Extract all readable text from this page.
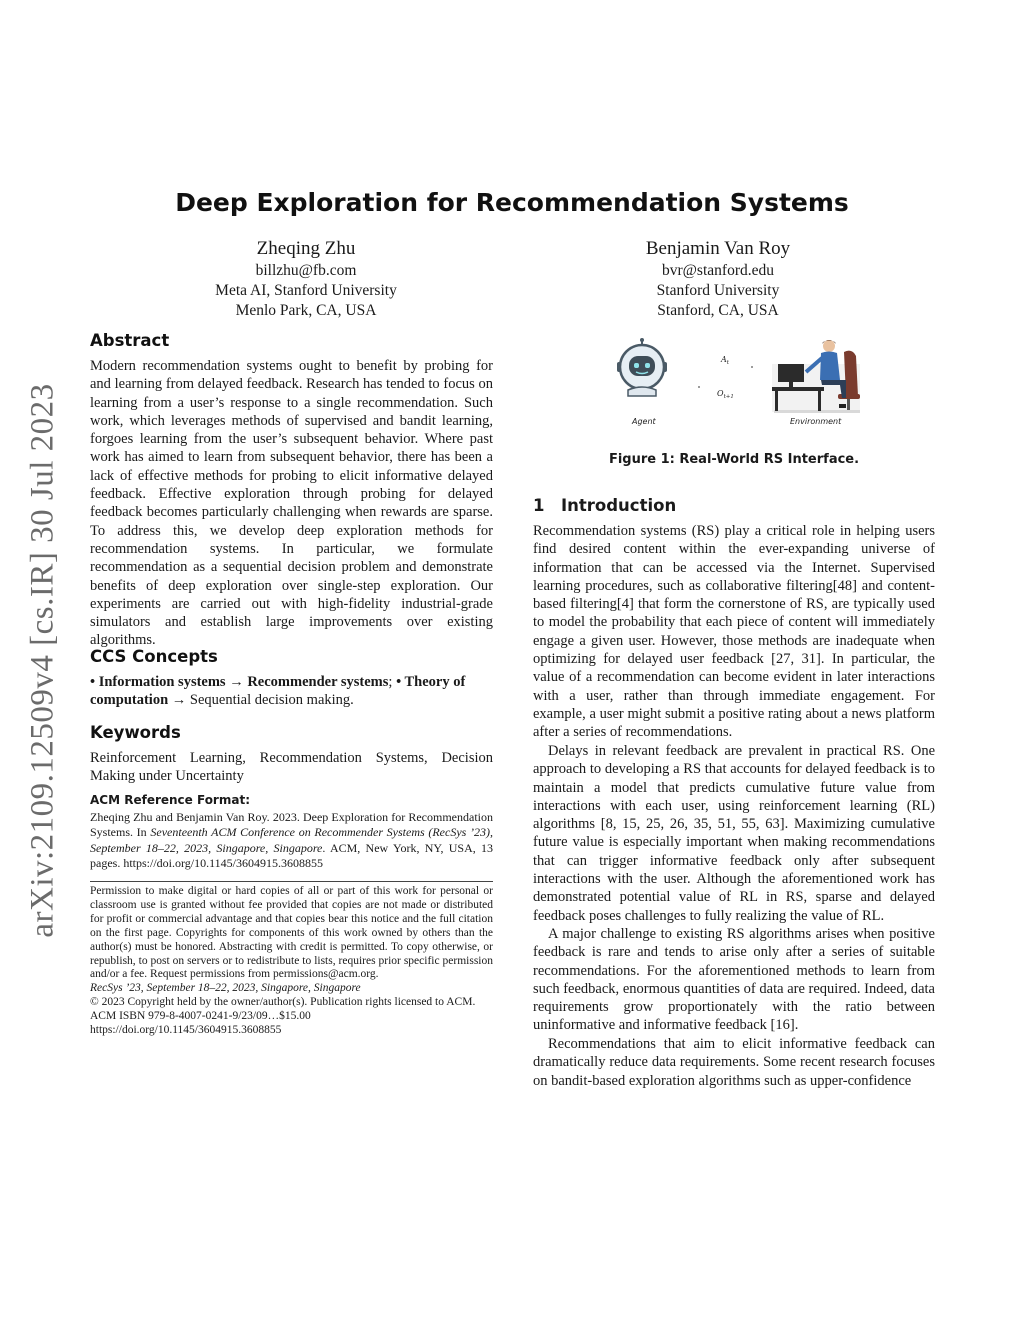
arXiv:2109.12509v4 [cs.IR] 30 Jul 2023
Deep Exploration for Recommendation Systems
Zheqing Zhu
billzhu@fb.com
Meta AI, Stanford University
Menlo Park, CA, USA
Benjamin Van Roy
bvr@stanford.edu
Stanford University
Stanford, CA, USA
Abstract

Modern recommendation systems ought to benefit by probing for and learning from delayed feedback. Research has tended to focus on learning from a user’s response to a single recommendation. Such work, which leverages methods of supervised and bandit learning, forgoes learning from the user’s subsequent behavior. Where past work has aimed to learn from subsequent behavior, there has been a lack of effective methods for probing to elicit informative delayed feedback. Effective exploration through probing for delayed feedback becomes particularly challenging when rewards are sparse. To address this, we develop deep exploration methods for recommendation systems. In particular, we formulate recommendation as a sequential decision problem and demonstrate benefits of deep exploration over single-step exploration. Our experiments are carried out with high-fidelity industrial-grade simulators and establish large improvements over existing algorithms.

CCS Concepts

• Information systems → Recommender systems; • Theory of computation → Sequential decision making.

Keywords

Reinforcement Learning, Recommendation Systems, Decision Making under Uncertainty

ACM Reference Format:

Zheqing Zhu and Benjamin Van Roy. 2023. Deep Exploration for Recommendation Systems. In Seventeenth ACM Conference on Recommender Systems (RecSys ’23), September 18–22, 2023, Singapore, Singapore. ACM, New York, NY, USA, 13 pages. https://doi.org/10.1145/3604915.3608855

Permission to make digital or hard copies of all or part of this work for personal or classroom use is granted without fee provided that copies are not made or distributed for profit or commercial advantage and that copies bear this notice and the full citation on the first page. Copyrights for components of this work owned by others than the author(s) must be honored. Abstracting with credit is permitted. To copy otherwise, or republish, to post on servers or to redistribute to lists, requires prior specific permission and/or a fee. Request permissions from permissions@acm.org.

RecSys ’23, September 18–22, 2023, Singapore, Singapore
© 2023 Copyright held by the owner/author(s). Publication rights licensed to ACM.
ACM ISBN 979-8-4007-0241-9/23/09…$15.00
https://doi.org/10.1145/3604915.3608855
Agent
$A_t$
$O_{t+1}$
Environment
Figure 1: Real-World RS Interface.
1 Introduction

Recommendation systems (RS) play a critical role in helping users find desired content within the ever-expanding universe of information that can be accessed via the Internet. Supervised learning procedures, such as collaborative filtering[48] and content-based filtering[4] that form the cornerstone of RS, are typically used to model the probability that each piece of content will immediately engage a given user. However, those methods are inadequate when optimizing for delayed user feedback [27, 31]. In particular, the value of a recommendation can become evident in later interactions with a user, rather than through immediate engagement. For example, a user might submit a positive rating about a news platform after a series of recommendations.

Delays in relevant feedback are prevalent in practical RS. One approach to developing a RS that accounts for delayed feedback is to maintain a model that predicts cumulative future value from interactions with each user, using reinforcement learning (RL) algorithms [8, 15, 25, 26, 35, 51, 55, 63]. Maximizing cumulative future value is especially important when making recommendations that can trigger informative feedback only after subsequent interactions with the user. Although the aforementioned work has demonstrated potential value of RL in RS, sparse and delayed feedback poses challenges to fully realizing the value of RL.

A major challenge to existing RS algorithms arises when positive feedback is rare and tends to arise only after a series of suitable recommendations. For the aforementioned methods to learn from such feedback, enormous quantities of data are required. Indeed, data requirements grow proportionately with the ratio between uninformative and informative feedback [16].

Recommendations that aim to elicit informative feedback can dramatically reduce data requirements. Some recent research focuses on bandit-based exploration algorithms such as upper-confidence
